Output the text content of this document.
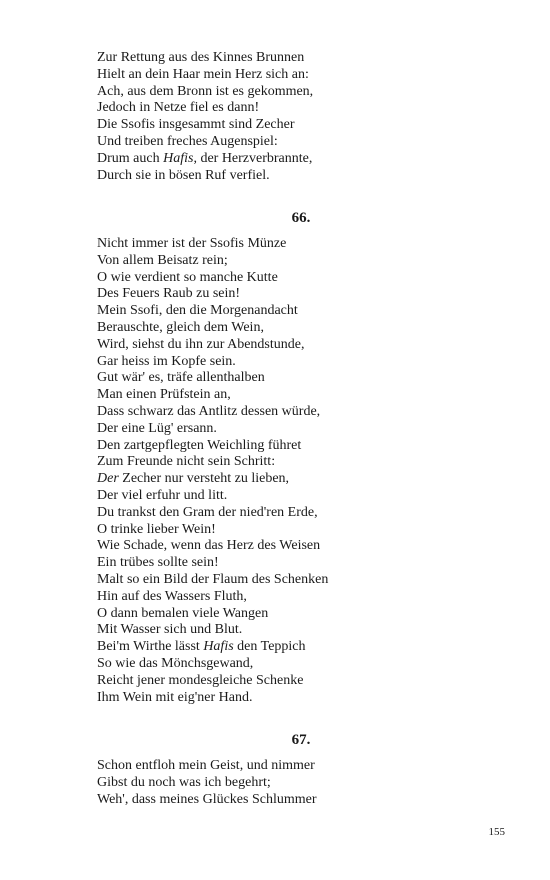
Zur Rettung aus des Kinnes Brunnen
Hielt an dein Haar mein Herz sich an:
Ach, aus dem Bronn ist es gekommen,
Jedoch in Netze fiel es dann!
Die Ssofis insgesammt sind Zecher
Und treiben freches Augenspiel:
Drum auch Hafis, der Herzverbrannte,
Durch sie in bösen Ruf verfiel.
66.
Nicht immer ist der Ssofis Münze
Von allem Beisatz rein;
O wie verdient so manche Kutte
Des Feuers Raub zu sein!
Mein Ssofi, den die Morgenandacht
Berauschte, gleich dem Wein,
Wird, siehst du ihn zur Abendstunde,
Gar heiss im Kopfe sein.
Gut wär' es, träfe allenthalben
Man einen Prüfstein an,
Dass schwarz das Antlitz dessen würde,
Der eine Lüg' ersann.
Den zartgepflegten Weichling führet
Zum Freunde nicht sein Schritt:
Der Zecher nur versteht zu lieben,
Der viel erfuhr und litt.
Du trankst den Gram der nied'ren Erde,
O trinke lieber Wein!
Wie Schade, wenn das Herz des Weisen
Ein trübes sollte sein!
Malt so ein Bild der Flaum des Schenken
Hin auf des Wassers Fluth,
O dann bemalen viele Wangen
Mit Wasser sich und Blut.
Bei'm Wirthe lässt Hafis den Teppich
So wie das Mönchsgewand,
Reicht jener mondesgleiche Schenke
Ihm Wein mit eig'ner Hand.
67.
Schon entfloh mein Geist, und nimmer
Gibst du noch was ich begehrt;
Weh', dass meines Glückes Schlummer
155
